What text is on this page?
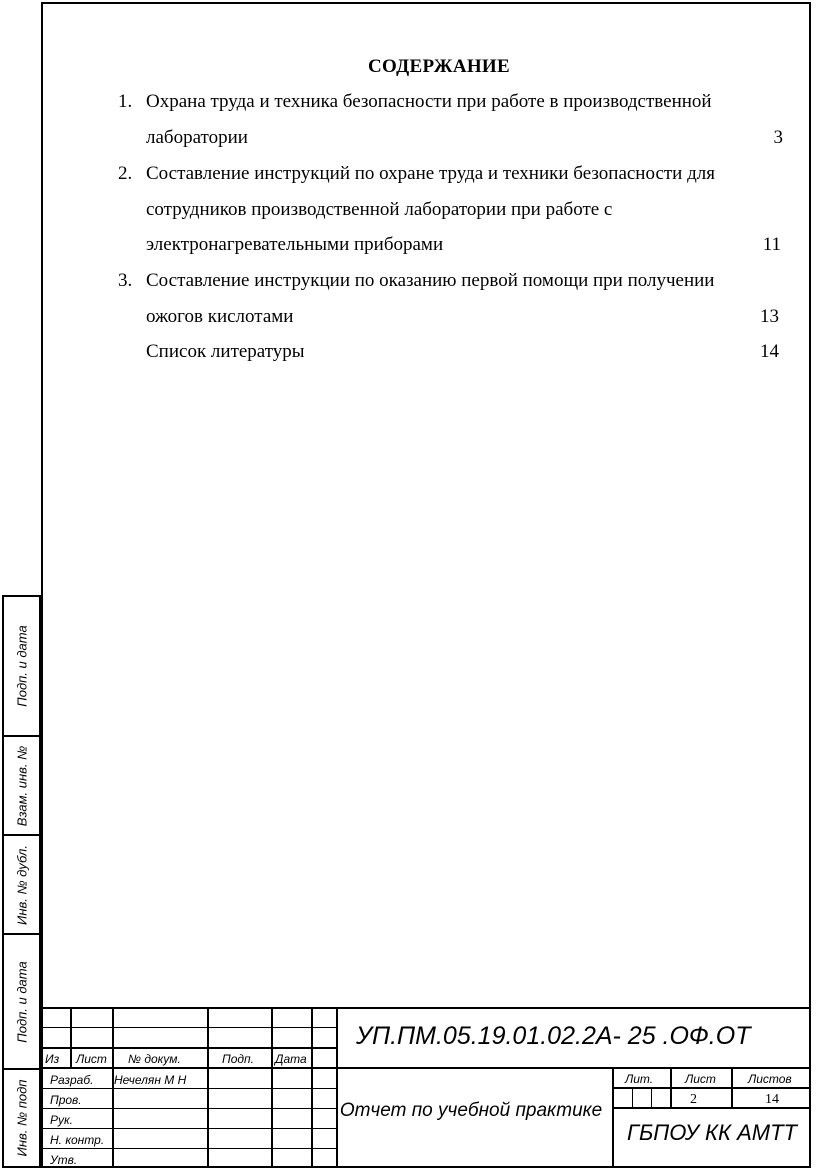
СОДЕРЖАНИЕ
1. Охрана труда и техника безопасности при работе в производственной
лаборатории	3
2. Составление инструкций по охране труда и техники безопасности для
сотрудников производственной лаборатории при работе с
электронагревательными приборами	11
3. Составление инструкции по оказанию первой помощи при получении
ожогов кислотами	13
Список литературы	14
Подп. и дата
Взам. инв. №
Инв. № дубл.
Подп. и дата
Инв. № подп
Из Лист № докум.	Подп. Дата
Разраб. Нечелян М Н
Пров.
Рук.
Н. контр.
Утв.
УП.ПМ.05.19.01.02.2А- 25 .ОФ.ОТ
Отчет по учебной практике
Лит.	Лист	Листов
2	14
ГБПОУ КК АМТТ
